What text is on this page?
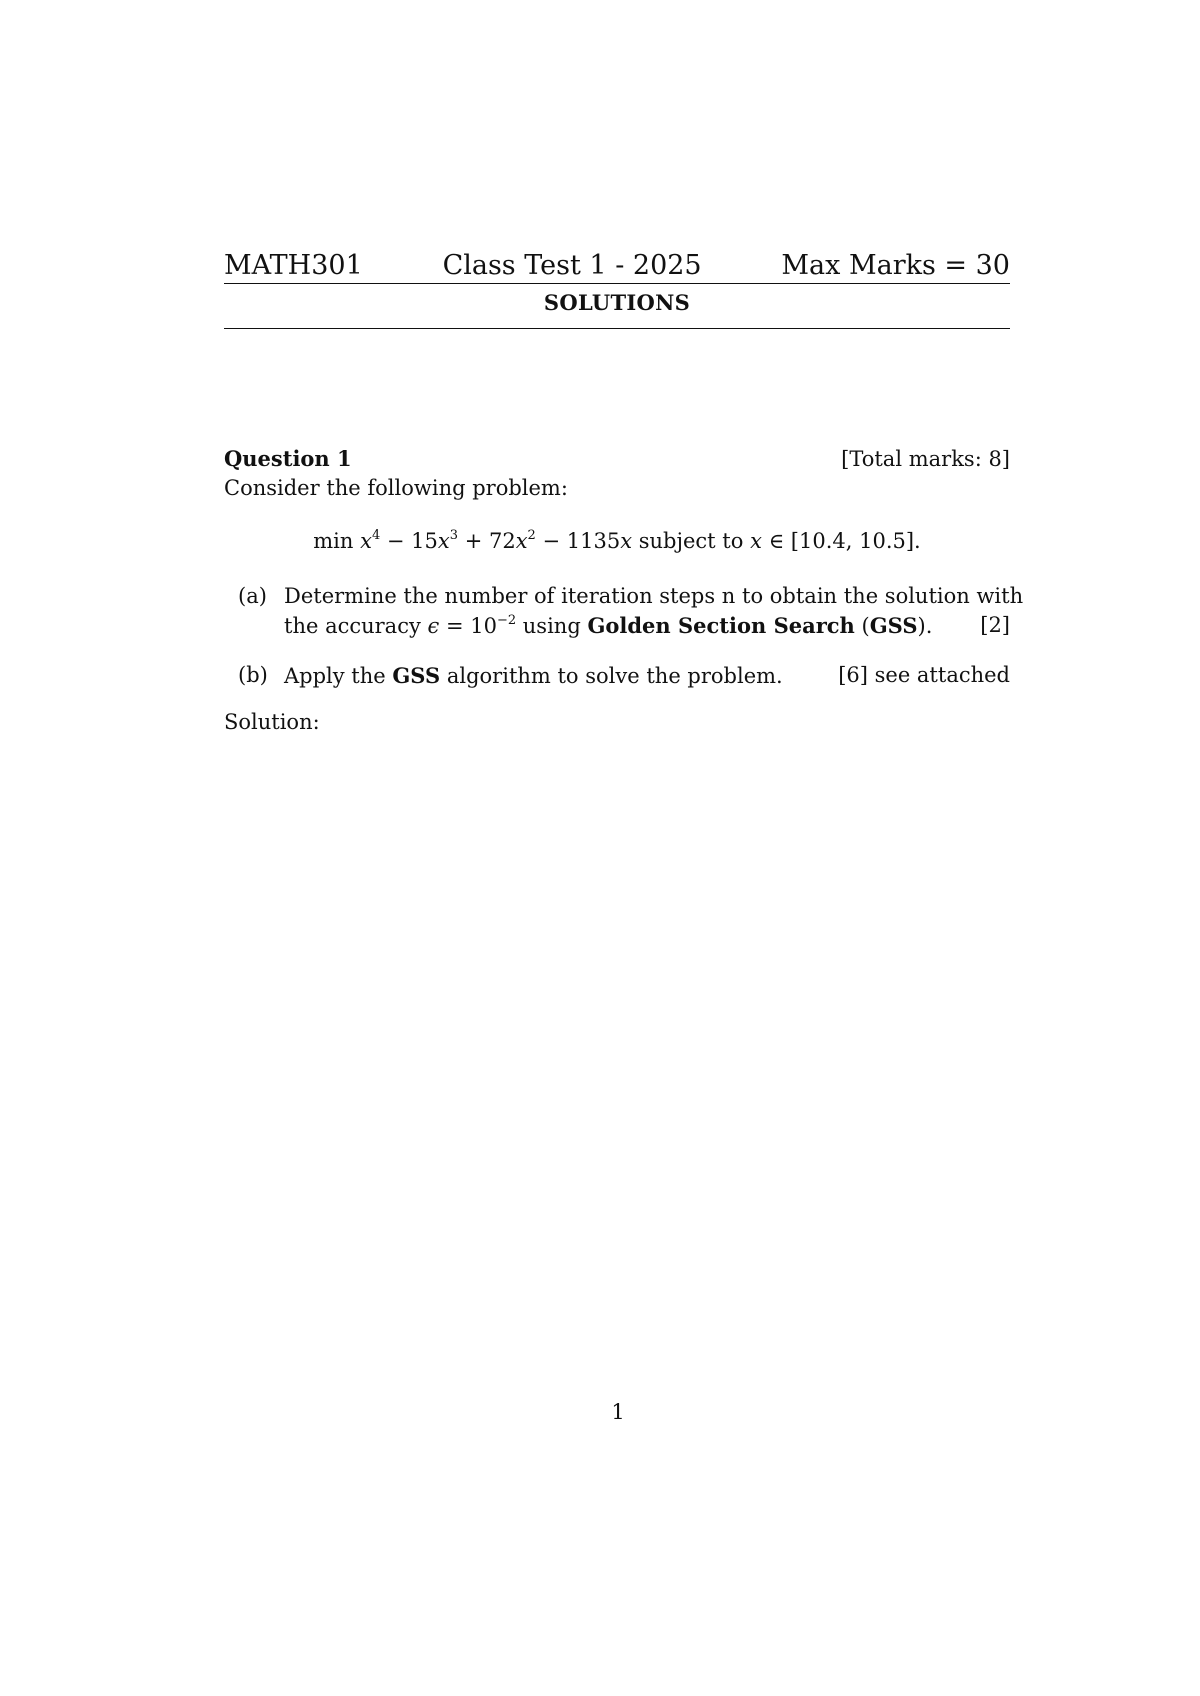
MATH301	Class Test 1 - 2025	Max Marks = 30
SOLUTIONS
Question 1	[Total marks: 8]
Consider the following problem:
$\min x^4 - 15x^3 + 72x^2 - 1135x$ subject to x ∈ [10.4, 10.5].
(a) Determine the number of iteration steps n to obtain the solution with
the accuracy $\epsilon = 10^{-2}$ using Golden Section Search (GSS). [2]
(b) Apply the GSS algorithm to solve the problem.	[6] see attached
Solution:
1
